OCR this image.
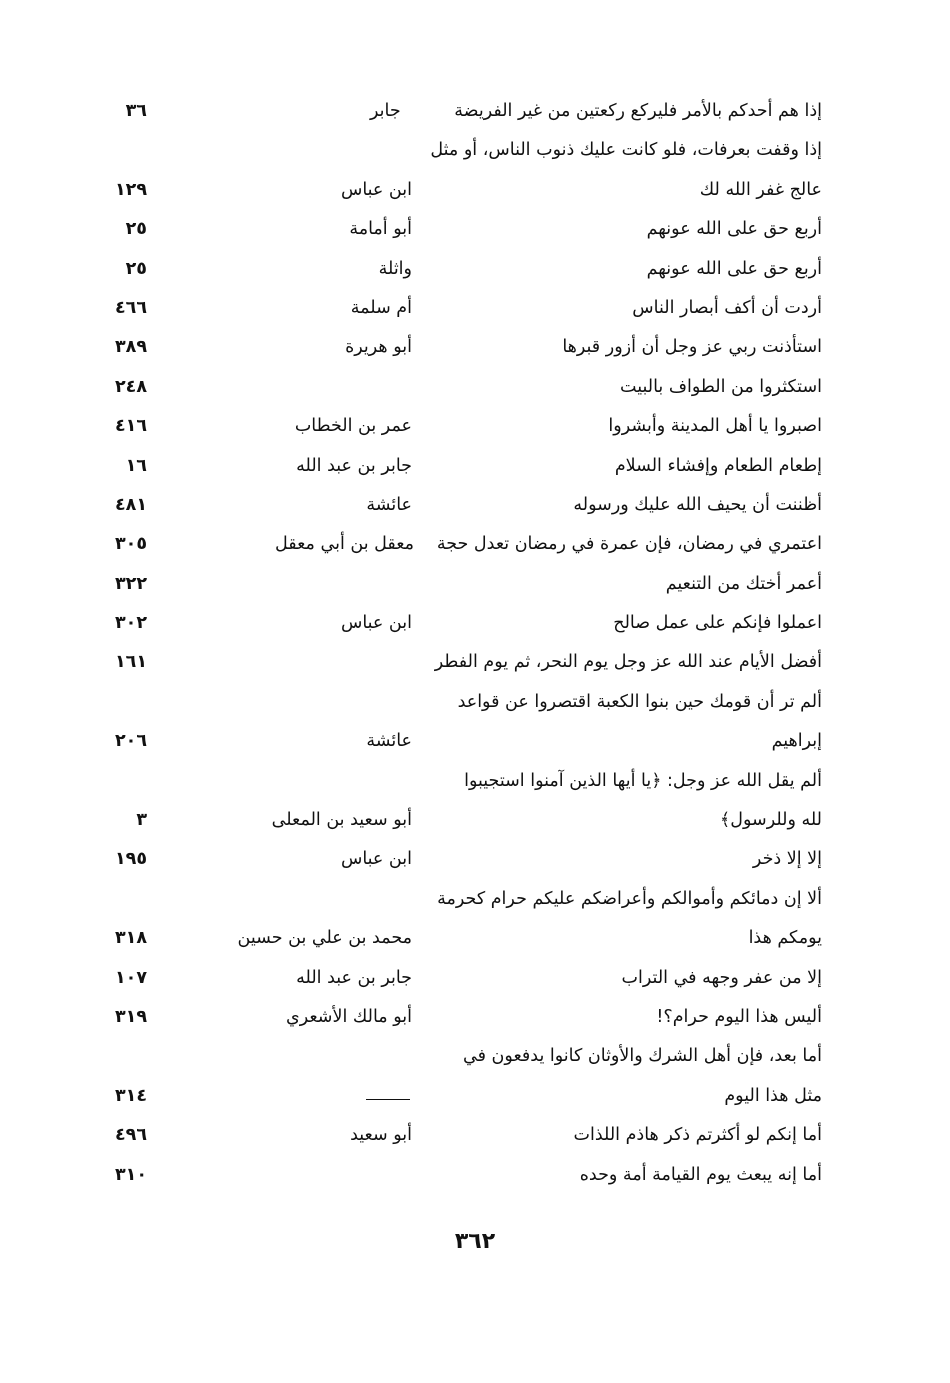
إذا هم أحدكم بالأمر فليركع ركعتين من غير الفريضة
جابر
٣٦
إذا وقفت بعرفات، فلو كانت عليك ذنوب الناس، أو مثل
عالج غفر الله لك
ابن عباس
١٢٩
أربع حق على الله عونهم
أبو أمامة
٢٥
أربع حق على الله عونهم
واثلة
٢٥
أردت أن أكف أبصار الناس
أم سلمة
٤٦٦
استأذنت ربي عز وجل أن أزور قبرها
أبو هريرة
٣٨٩
استكثروا من الطواف بالبيت
٢٤٨
اصبروا يا أهل المدينة وأبشروا
عمر بن الخطاب
٤١٦
إطعام الطعام وإفشاء السلام
جابر بن عبد الله
١٦
أظننت أن يحيف الله عليك ورسوله
عائشة
٤٨١
اعتمري في رمضان، فإن عمرة في رمضان تعدل حجة
معقل بن أبي معقل
٣٠٥
أعمر أختك من التنعيم
٣٢٢
اعملوا فإنكم على عمل صالح
ابن عباس
٣٠٢
أفضل الأيام عند الله عز وجل يوم النحر، ثم يوم الفطر
١٦١
ألم تر أن قومك حين بنوا الكعبة اقتصروا عن قواعد
إبراهيم
عائشة
٢٠٦
ألم يقل الله عز وجل: ﴿يا أيها الذين آمنوا استجيبوا
لله وللرسول﴾
أبو سعيد بن المعلى
٣
إلا إلا ذخر
ابن عباس
١٩٥
ألا إن دمائكم وأموالكم وأعراضكم عليكم حرام كحرمة
يومكم هذا
محمد بن علي بن حسين
٣١٨
إلا من عفر وجهه في التراب
جابر بن عبد الله
١٠٧
أليس هذا اليوم حرام؟!
أبو مالك الأشعري
٣١٩
أما بعد، فإن أهل الشرك والأوثان كانوا يدفعون في
مثل هذا اليوم
٣١٤
أما إنكم لو أكثرتم ذكر هاذم اللذات
أبو سعيد
٤٩٦
أما إنه يبعث يوم القيامة أمة وحده
٣١٠
٣٦٢
